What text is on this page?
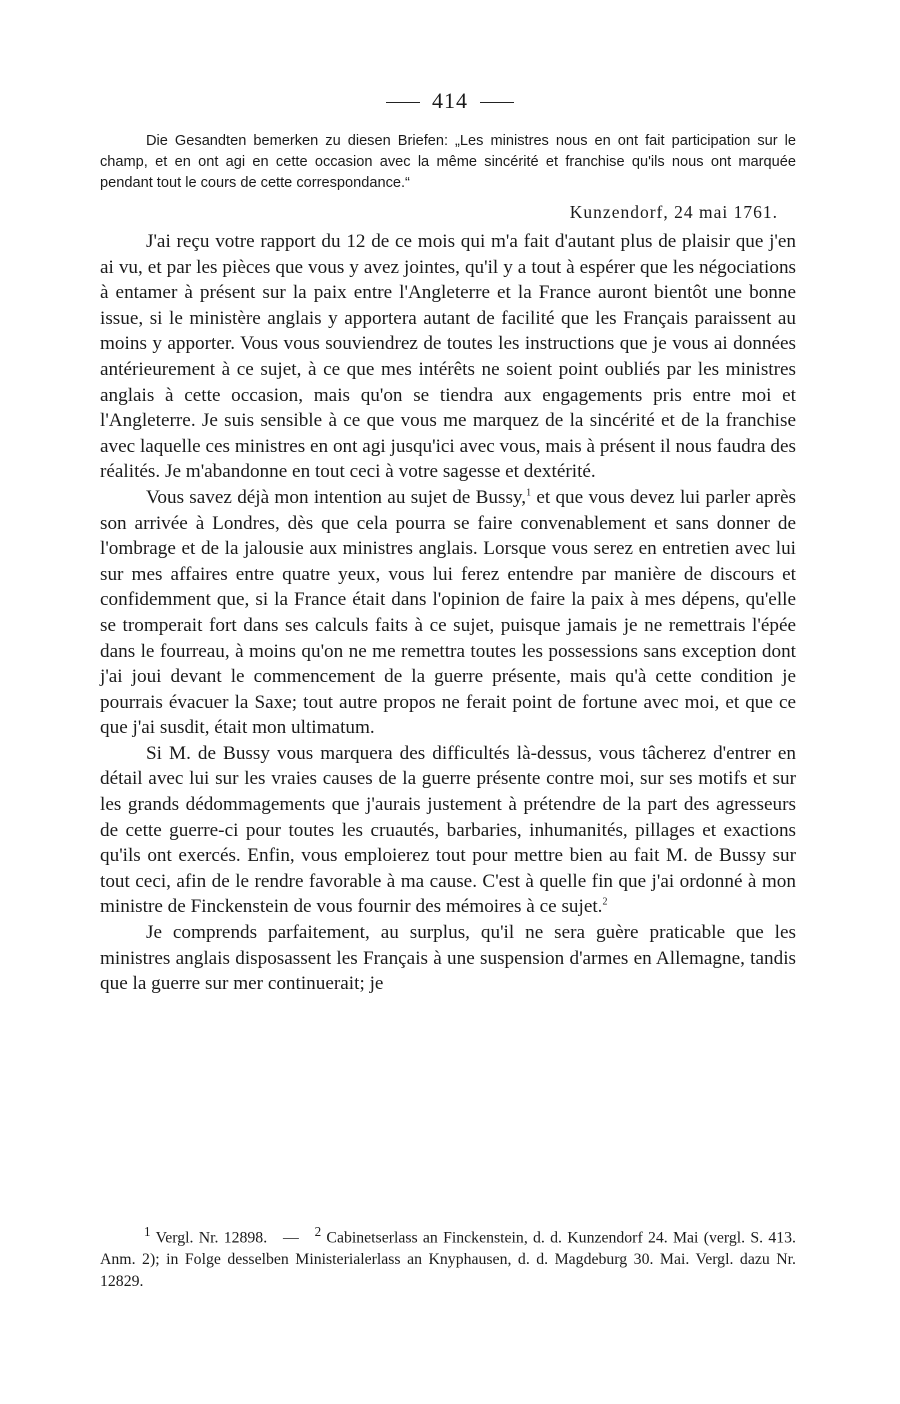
414

Die Gesandten bemerken zu diesen Briefen: „Les ministres nous en ont fait participation sur le champ, et en ont agi en cette occasion avec la même sincérité et franchise qu'ils nous ont marquée pendant tout le cours de cette correspondance.“

Kunzendorf, 24 mai 1761.

J'ai reçu votre rapport du 12 de ce mois qui m'a fait d'autant plus de plaisir que j'en ai vu, et par les pièces que vous y avez jointes, qu'il y a tout à espérer que les négociations à entamer à présent sur la paix entre l'Angleterre et la France auront bientôt une bonne issue, si le ministère anglais y apportera autant de facilité que les Français paraissent au moins y apporter. Vous vous souviendrez de toutes les instructions que je vous ai données antérieurement à ce sujet, à ce que mes intérêts ne soient point oubliés par les ministres anglais à cette occasion, mais qu'on se tiendra aux engagements pris entre moi et l'Angleterre. Je suis sensible à ce que vous me marquez de la sincérité et de la franchise avec laquelle ces ministres en ont agi jusqu'ici avec vous, mais à présent il nous faudra des réalités. Je m'abandonne en tout ceci à votre sagesse et dextérité.

Vous savez déjà mon intention au sujet de Bussy,$^1$ et que vous devez lui parler après son arrivée à Londres, dès que cela pourra se faire convenablement et sans donner de l'ombrage et de la jalousie aux ministres anglais. Lorsque vous serez en entretien avec lui sur mes affaires entre quatre yeux, vous lui ferez entendre par manière de discours et confidemment que, si la France était dans l'opinion de faire la paix à mes dépens, qu'elle se tromperait fort dans ses calculs faits à ce sujet, puisque jamais je ne remettrais l'épée dans le fourreau, à moins qu'on ne me remettra toutes les possessions sans exception dont j'ai joui devant le commencement de la guerre présente, mais qu'à cette condition je pourrais évacuer la Saxe; tout autre propos ne ferait point de fortune avec moi, et que ce que j'ai susdit, était mon ultimatum.

Si M. de Bussy vous marquera des difficultés là-dessus, vous tâcherez d'entrer en détail avec lui sur les vraies causes de la guerre présente contre moi, sur ses motifs et sur les grands dédommagements que j'aurais justement à prétendre de la part des agresseurs de cette guerre-ci pour toutes les cruautés, barbaries, inhumanités, pillages et exactions qu'ils ont exercés. Enfin, vous emploierez tout pour mettre bien au fait M. de Bussy sur tout ceci, afin de le rendre favorable à ma cause. C'est à quelle fin que j'ai ordonné à mon ministre de Finckenstein de vous fournir des mémoires à ce sujet.$^2$

Je comprends parfaitement, au surplus, qu'il ne sera guère praticable que les ministres anglais disposassent les Français à une suspension d'armes en Allemagne, tandis que la guerre sur mer continuerait; je

$^1$ Vergl. Nr. 12898. — $^2$ Cabinetserlass an Finckenstein, d. d. Kunzendorf 24. Mai (vergl. S. 413. Anm. 2); in Folge desselben Ministerialerlass an Knyphausen, d. d. Magdeburg 30. Mai. Vergl. dazu Nr. 12829.
